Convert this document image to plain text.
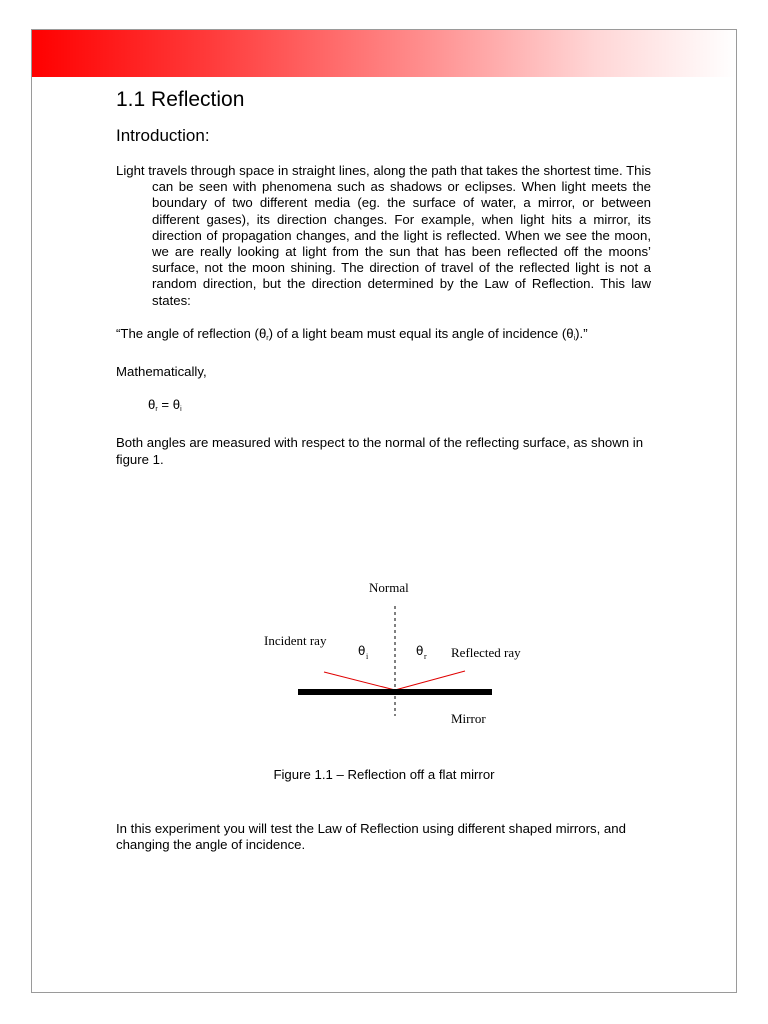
1.1 Reflection
Introduction:

Light travels through space in straight lines, along the path that takes the shortest time. This can be seen with phenomena such as shadows or eclipses. When light meets the boundary of two different media (eg. the surface of water, a mirror, or between different gases), its direction changes. For example, when light hits a mirror, its direction of propagation changes, and the light is reflected. When we see the moon, we are really looking at light from the sun that has been reflected off the moons’ surface, not the moon shining. The direction of travel of the reflected light is not a random direction, but the direction determined by the Law of Reflection. This law states:

“The angle of reflection $(\theta_r)$ of a light beam must equal its angle of incidence $(\theta_i)$.”

Mathematically,

$\theta_r = \theta_i$

Both angles are measured with respect to the normal of the reflecting surface, as shown in figure 1.

Normal
Incident ray
θ i	θ r Reflected ray
Mirror
Figure 1.1 – Reflection off a flat mirror
In this experiment you will test the Law of Reflection using different shaped mirrors, and changing the angle of incidence.
